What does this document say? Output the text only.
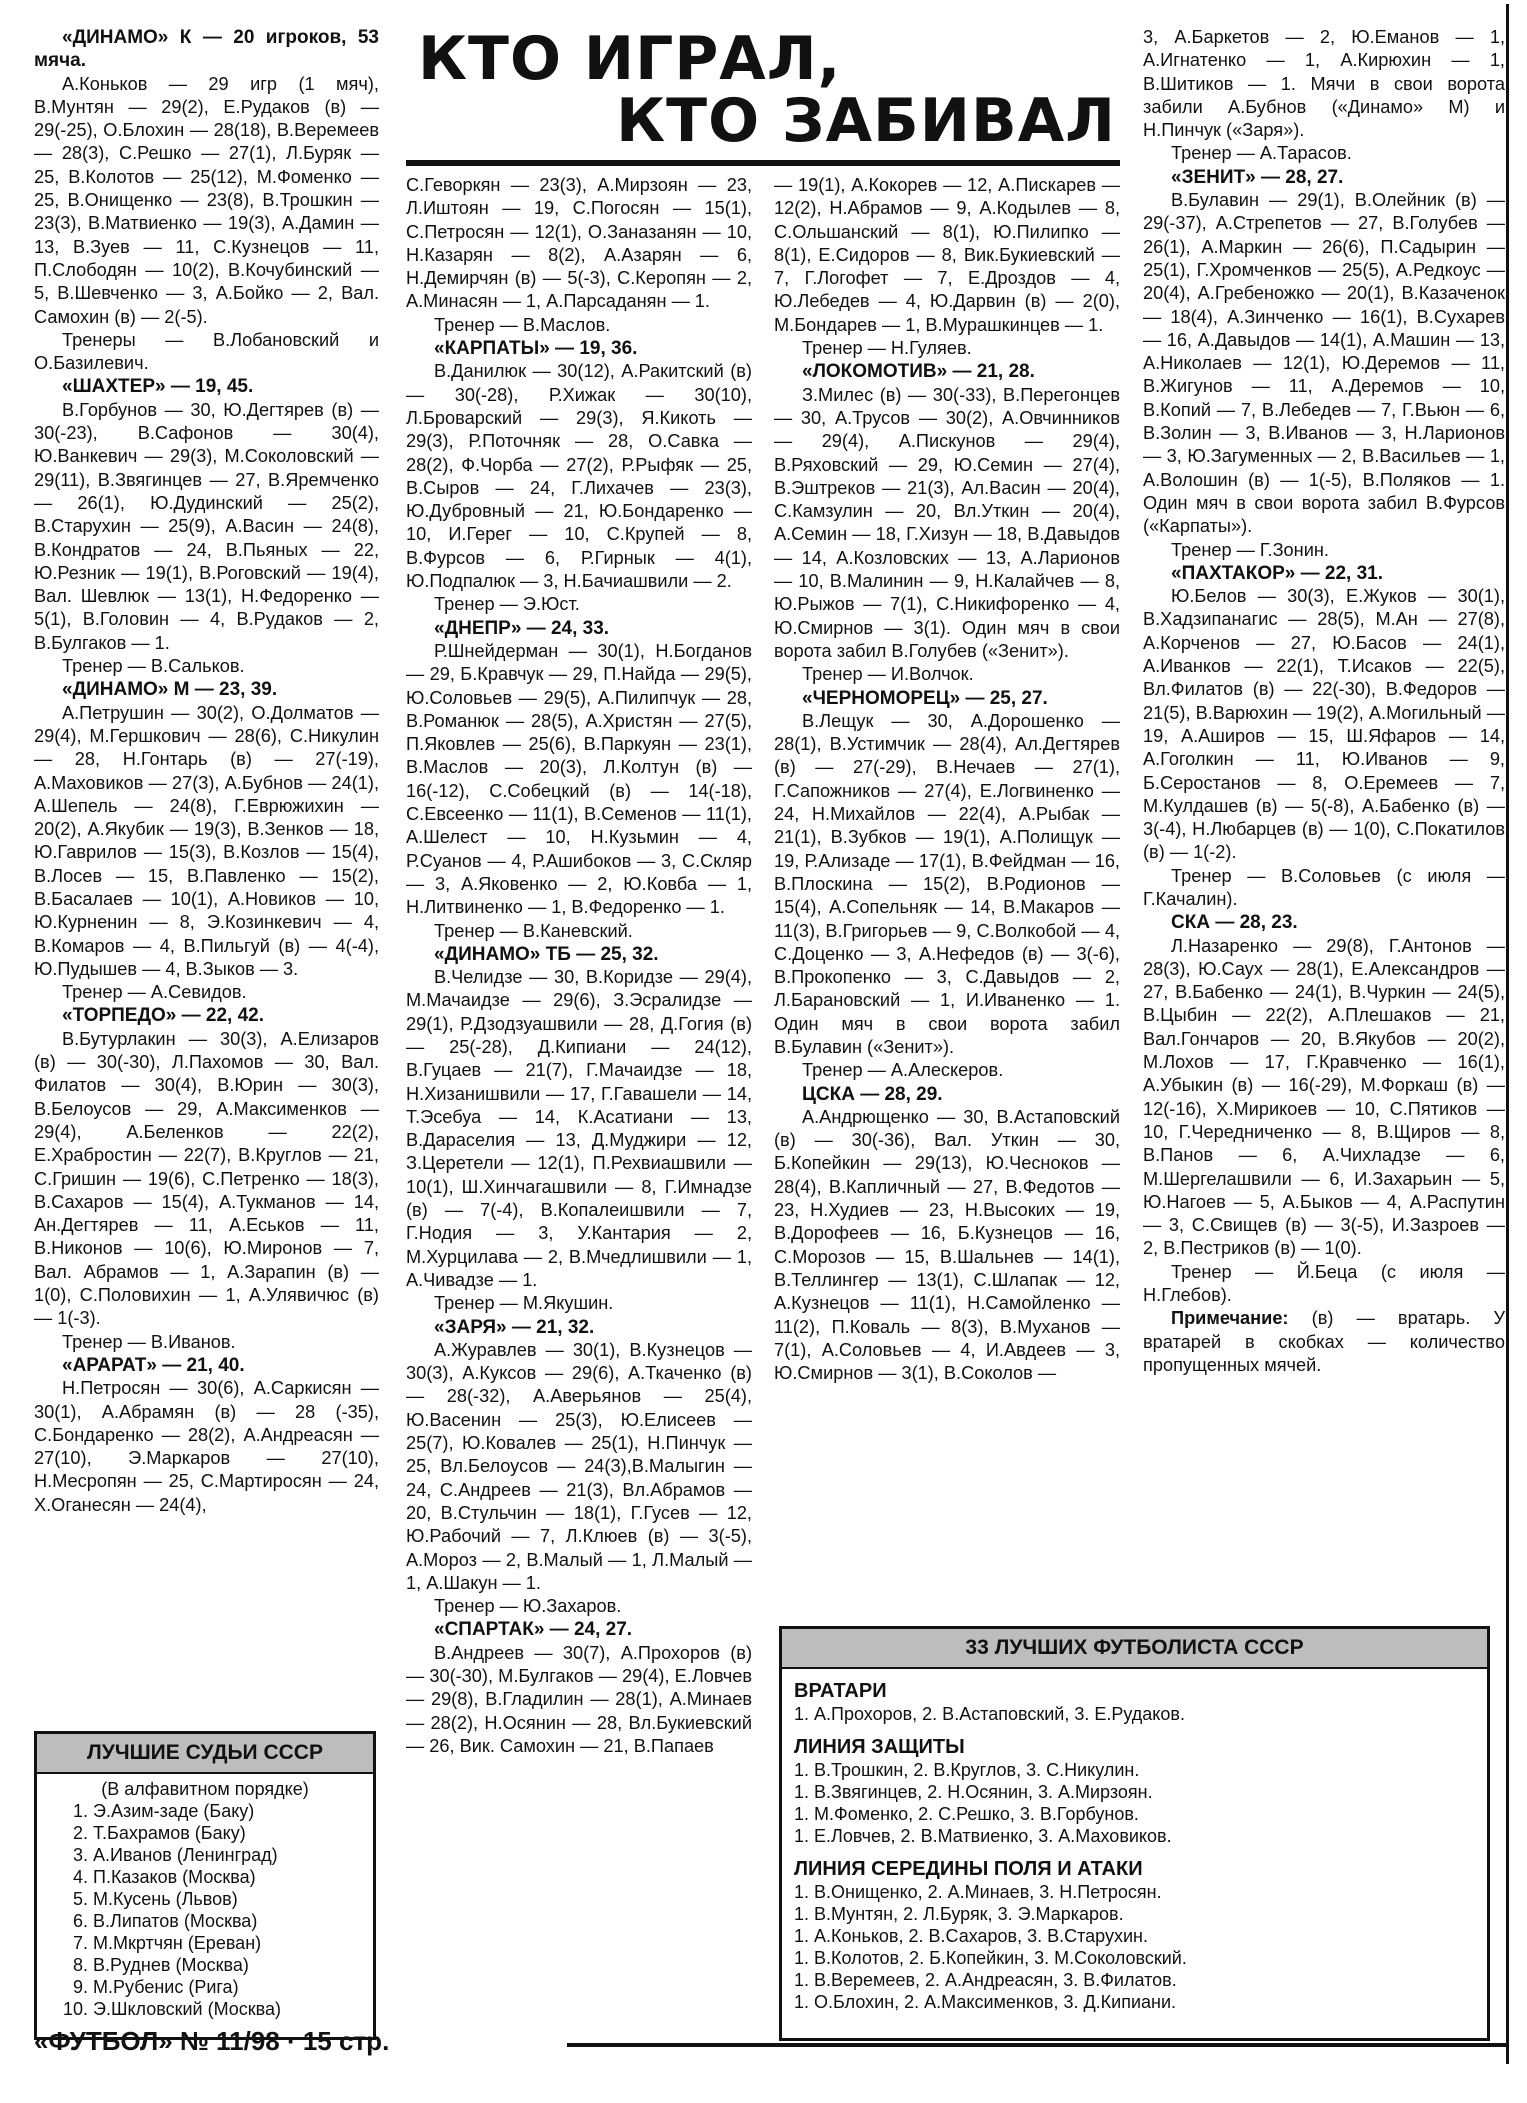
«ДИНАМО» К — 20 игроков, 53 мяча.

А.Коньков — 29 игр (1 мяч), В.Мунтян — 29(2), Е.Рудаков (в) — 29(-25), О.Блохин — 28(18), В.Веремеев — 28(3), С.Решко — 27(1), Л.Буряк — 25, В.Колотов — 25(12), М.Фоменко — 25, В.Онищенко — 23(8), В.Трошкин — 23(3), В.Матвиенко — 19(3), А.Дамин — 13, В.Зуев — 11, С.Кузнецов — 11, П.Слободян — 10(2), В.Кочубинский — 5, В.Шевченко — 3, А.Бойко — 2, Вал. Самохин (в) — 2(-5).

Тренеры — В.Лобановский и О.Базилевич.

«ШАХТЕР» — 19, 45.

В.Горбунов — 30, Ю.Дегтярев (в) — 30(-23), В.Сафонов — 30(4), Ю.Ванкевич — 29(3), М.Соколовский — 29(11), В.Звягинцев — 27, В.Яремченко — 26(1), Ю.Дудинский — 25(2), В.Старухин — 25(9), А.Васин — 24(8), В.Кондратов — 24, В.Пьяных — 22, Ю.Резник — 19(1), В.Роговский — 19(4), Вал. Шевлюк — 13(1), Н.Федоренко — 5(1), В.Головин — 4, В.Рудаков — 2, В.Булгаков — 1.

Тренер — В.Сальков.

«ДИНАМО» М — 23, 39.

А.Петрушин — 30(2), О.Долматов — 29(4), М.Гершкович — 28(6), С.Никулин — 28, Н.Гонтарь (в) — 27(-19), А.Маховиков — 27(3), А.Бубнов — 24(1), А.Шепель — 24(8), Г.Еврюжихин — 20(2), А.Якубик — 19(3), В.Зенков — 18, Ю.Гаврилов — 15(3), В.Козлов — 15(4), В.Лосев — 15, В.Павленко — 15(2), В.Басалаев — 10(1), А.Новиков — 10, Ю.Курненин — 8, Э.Козинкевич — 4, В.Комаров — 4, В.Пильгуй (в) — 4(-4), Ю.Пудышев — 4, В.Зыков — 3.

Тренер — А.Севидов.

«ТОРПЕДО» — 22, 42.

В.Бутурлакин — 30(3), А.Елизаров (в) — 30(-30), Л.Пахомов — 30, Вал. Филатов — 30(4), В.Юрин — 30(3), В.Белоусов — 29, А.Максименков — 29(4), А.Беленков — 22(2), Е.Храбростин — 22(7), В.Круглов — 21, С.Гришин — 19(6), С.Петренко — 18(3), В.Сахаров — 15(4), А.Тукманов — 14, Ан.Дегтярев — 11, А.Еськов — 11, В.Никонов — 10(6), Ю.Миронов — 7, Вал. Абрамов — 1, А.Зарапин (в) — 1(0), С.Половихин — 1, А.Улявичюс (в) — 1(-3).

Тренер — В.Иванов.

«АРАРАТ» — 21, 40.

Н.Петросян — 30(6), А.Саркисян — 30(1), А.Абрамян (в) — 28 (-35), С.Бондаренко — 28(2), А.Андреасян — 27(10), Э.Маркаров — 27(10), Н.Месропян — 25, С.Мартиросян — 24, Х.Оганесян — 24(4),

КТО ИГРАЛ,

КТО ЗАБИВАЛ

С.Геворкян — 23(3), А.Мирзоян — 23, Л.Иштоян — 19, С.Погосян — 15(1), С.Петросян — 12(1), О.Заназанян — 10, Н.Казарян — 8(2), А.Азарян — 6, Н.Демирчян (в) — 5(-3), С.Керопян — 2, А.Минасян — 1, А.Парсаданян — 1.

Тренер — В.Маслов.

«КАРПАТЫ» — 19, 36.

В.Данилюк — 30(12), А.Ракитский (в) — 30(-28), Р.Хижак — 30(10), Л.Броварский — 29(3), Я.Кикоть — 29(3), Р.Поточняк — 28, О.Савка — 28(2), Ф.Чорба — 27(2), Р.Рыфяк — 25, В.Сыров — 24, Г.Лихачев — 23(3), Ю.Дубровный — 21, Ю.Бондаренко — 10, И.Герег — 10, С.Крупей — 8, В.Фурсов — 6, Р.Гирнык — 4(1), Ю.Подпалюк — 3, Н.Бачиашвили — 2.

Тренер — Э.Юст.

«ДНЕПР» — 24, 33.

Р.Шнейдерман — 30(1), Н.Богданов — 29, Б.Кравчук — 29, П.Найда — 29(5), Ю.Соловьев — 29(5), А.Пилипчук — 28, В.Романюк — 28(5), А.Христян — 27(5), П.Яковлев — 25(6), В.Паркуян — 23(1), В.Маслов — 20(3), Л.Колтун (в) — 16(-12), С.Собецкий (в) — 14(-18), С.Евсеенко — 11(1), В.Семенов — 11(1), А.Шелест — 10, Н.Кузьмин — 4, Р.Суанов — 4, Р.Ашибоков — 3, С.Скляр — 3, А.Яковенко — 2, Ю.Ковба — 1, Н.Литвиненко — 1, В.Федоренко — 1.

Тренер — В.Каневский.

«ДИНАМО» ТБ — 25, 32.

В.Челидзе — 30, В.Коридзе — 29(4), М.Мачаидзе — 29(6), З.Эсралидзе — 29(1), Р.Дзодзуашвили — 28, Д.Гогия (в) — 25(-28), Д.Кипиани — 24(12), В.Гуцаев — 21(7), Г.Мачаидзе — 18, Н.Хизанишвили — 17, Г.Гавашели — 14, Т.Эсебуа — 14, К.Асатиани — 13, В.Дараселия — 13, Д.Муджири — 12, З.Церетели — 12(1), П.Рехвиашвили — 10(1), Ш.Хинчагашвили — 8, Г.Имнадзе (в) — 7(-4), В.Копалеишвили — 7, Г.Нодия — 3, У.Кантария — 2, М.Хурцилава — 2, В.Мчедлишвили — 1, А.Чивадзе — 1.

Тренер — М.Якушин.

«ЗАРЯ» — 21, 32.

А.Журавлев — 30(1), В.Кузнецов — 30(3), А.Куксов — 29(6), А.Ткаченко (в) — 28(-32), А.Аверьянов — 25(4), Ю.Васенин — 25(3), Ю.Елисеев — 25(7), Ю.Ковалев — 25(1), Н.Пинчук — 25, Вл.Белоусов — 24(3),В.Малыгин — 24, С.Андреев — 21(3), Вл.Абрамов — 20, В.Стульчин — 18(1), Г.Гусев — 12, Ю.Рабочий — 7, Л.Клюев (в) — 3(-5), А.Мороз — 2, В.Малый — 1, Л.Малый — 1, А.Шакун — 1.

Тренер — Ю.Захаров.

«СПАРТАК» — 24, 27.

В.Андреев — 30(7), А.Прохоров (в) — 30(-30), М.Булгаков — 29(4), Е.Ловчев — 29(8), В.Гладилин — 28(1), А.Минаев — 28(2), Н.Осянин — 28, Вл.Букиевский — 26, Вик. Самохин — 21, В.Папаев

— 19(1), А.Кокорев — 12, А.Пискарев — 12(2), Н.Абрамов — 9, А.Кодылев — 8, С.Ольшанский — 8(1), Ю.Пилипко — 8(1), Е.Сидоров — 8, Вик.Букиевский — 7, Г.Логофет — 7, Е.Дроздов — 4, Ю.Лебедев — 4, Ю.Дарвин (в) — 2(0), М.Бондарев — 1, В.Мурашкинцев — 1.

Тренер — Н.Гуляев.

«ЛОКОМОТИВ» — 21, 28.

З.Милес (в) — 30(-33), В.Перегонцев — 30, А.Трусов — 30(2), А.Овчинников — 29(4), А.Пискунов — 29(4), В.Ряховский — 29, Ю.Семин — 27(4), В.Эштреков — 21(3), Ал.Васин — 20(4), С.Камзулин — 20, Вл.Уткин — 20(4), А.Семин — 18, Г.Хизун — 18, В.Давыдов — 14, А.Козловских — 13, А.Ларионов — 10, В.Малинин — 9, Н.Калайчев — 8, Ю.Рыжов — 7(1), С.Никифоренко — 4, Ю.Смирнов — 3(1). Один мяч в свои ворота забил В.Голубев («Зенит»).

Тренер — И.Волчок.

«ЧЕРНОМОРЕЦ» — 25, 27.

В.Лещук — 30, А.Дорошенко — 28(1), В.Устимчик — 28(4), Ал.Дегтярев (в) — 27(-29), В.Нечаев — 27(1), Г.Сапожников — 27(4), Е.Логвиненко — 24, Н.Михайлов — 22(4), А.Рыбак — 21(1), В.Зубков — 19(1), А.Полищук — 19, Р.Ализаде — 17(1), В.Фейдман — 16, В.Плоскина — 15(2), В.Родионов — 15(4), А.Сопельняк — 14, В.Макаров — 11(3), В.Григорьев — 9, С.Волкобой — 4, С.Доценко — 3, А.Нефедов (в) — 3(-6), В.Прокопенко — 3, С.Давыдов — 2, Л.Барановский — 1, И.Иваненко — 1. Один мяч в свои ворота забил В.Булавин («Зенит»).

Тренер — А.Алескеров.

ЦСКА — 28, 29.

А.Андрющенко — 30, В.Астаповский (в) — 30(-36), Вал. Уткин — 30, Б.Копейкин — 29(13), Ю.Чесноков — 28(4), В.Капличный — 27, В.Федотов — 23, Н.Худиев — 23, Н.Высоких — 19, В.Дорофеев — 16, Б.Кузнецов — 16, С.Морозов — 15, В.Шальнев — 14(1), В.Теллингер — 13(1), С.Шлапак — 12, А.Кузнецов — 11(1), Н.Самойленко — 11(2), П.Коваль — 8(3), В.Муханов — 7(1), А.Соловьев — 4, И.Авдеев — 3, Ю.Смирнов — 3(1), В.Соколов —

3, А.Баркетов — 2, Ю.Еманов — 1, А.Игнатенко — 1, А.Кирюхин — 1, В.Шитиков — 1. Мячи в свои ворота забили А.Бубнов («Динамо» М) и Н.Пинчук («Заря»).

Тренер — А.Тарасов.

«ЗЕНИТ» — 28, 27.

В.Булавин — 29(1), В.Олейник (в) — 29(-37), А.Стрепетов — 27, В.Голубев — 26(1), А.Маркин — 26(6), П.Садырин — 25(1), Г.Хромченков — 25(5), А.Редкоус — 20(4), А.Гребеножко — 20(1), В.Казаченок — 18(4), А.Зинченко — 16(1), В.Сухарев — 16, А.Давыдов — 14(1), А.Машин — 13, А.Николаев — 12(1), Ю.Деремов — 11, В.Жигунов — 11, А.Деремов — 10, В.Копий — 7, В.Лебедев — 7, Г.Вьюн — 6, В.Золин — 3, В.Иванов — 3, Н.Ларионов — 3, Ю.Загуменных — 2, В.Васильев — 1, А.Волошин (в) — 1(-5), В.Поляков — 1. Один мяч в свои ворота забил В.Фурсов («Карпаты»).

Тренер — Г.Зонин.

«ПАХТАКОР» — 22, 31.

Ю.Белов — 30(3), Е.Жуков — 30(1), В.Хадзипанагис — 28(5), М.Ан — 27(8), А.Корченов — 27, Ю.Басов — 24(1), А.Иванков — 22(1), Т.Исаков — 22(5), Вл.Филатов (в) — 22(-30), В.Федоров — 21(5), В.Варюхин — 19(2), А.Могильный — 19, А.Аширов — 15, Ш.Яфаров — 14, А.Гоголкин — 11, Ю.Иванов — 9, Б.Серостанов — 8, О.Еремеев — 7, М.Кулдашев (в) — 5(-8), А.Бабенко (в) — 3(-4), Н.Любарцев (в) — 1(0), С.Покатилов (в) — 1(-2).

Тренер — В.Соловьев (с июля — Г.Качалин).

СКА — 28, 23.

Л.Назаренко — 29(8), Г.Антонов — 28(3), Ю.Саух — 28(1), Е.Александров — 27, В.Бабенко — 24(1), В.Чуркин — 24(5), В.Цыбин — 22(2), А.Плешаков — 21, Вал.Гончаров — 20, В.Якубов — 20(2), М.Лохов — 17, Г.Кравченко — 16(1), А.Убыкин (в) — 16(-29), М.Форкаш (в) — 12(-16), Х.Мирикоев — 10, С.Пятиков — 10, Г.Чередниченко — 8, В.Щиров — 8, В.Панов — 6, А.Чихладзе — 6, М.Шергелашвили — 6, И.Захарьин — 5, Ю.Нагоев — 5, А.Быков — 4, А.Распутин — 3, С.Свищев (в) — 3(-5), И.Зазроев — 2, В.Пестриков (в) — 1(0).

Тренер — Й.Беца (с июля — Н.Глебов).

Примечание: (в) — вратарь. У вратарей в скобках — количество пропущенных мячей.

ЛУЧШИЕ СУДЬИ СССР

(В алфавитном порядке)

1. Э.Азим-заде (Баку)
2. Т.Бахрамов (Баку)
3. А.Иванов (Ленинград)
4. П.Казаков (Москва)
5. М.Кусень (Львов)
6. В.Липатов (Москва)
7. М.Мкртчян (Ереван)
8. В.Руднев (Москва)
9. М.Рубенис (Рига)
10. Э.Шкловский (Москва)
33 ЛУЧШИХ ФУТБОЛИСТА СССР

ВРАТАРИ

1. А.Прохоров, 2. В.Астаповский, 3. Е.Рудаков.

ЛИНИЯ ЗАЩИТЫ

1. В.Трошкин, 2. В.Круглов, 3. С.Никулин.

1. В.Звягинцев, 2. Н.Осянин, 3. А.Мирзоян.

1. М.Фоменко, 2. С.Решко, 3. В.Горбунов.

1. Е.Ловчев, 2. В.Матвиенко, 3. А.Маховиков.

ЛИНИЯ СЕРЕДИНЫ ПОЛЯ И АТАКИ

1. В.Онищенко, 2. А.Минаев, 3. Н.Петросян.

1. В.Мунтян, 2. Л.Буряк, 3. Э.Маркаров.

1. А.Коньков, 2. В.Сахаров, 3. В.Старухин.

1. В.Колотов, 2. Б.Копейкин, 3. М.Соколовский.

1. В.Веремеев, 2. А.Андреасян, 3. В.Филатов.

1. О.Блохин, 2. А.Максименков, 3. Д.Кипиани.

«ФУТБОЛ» № 11/98 · 15 стр.
